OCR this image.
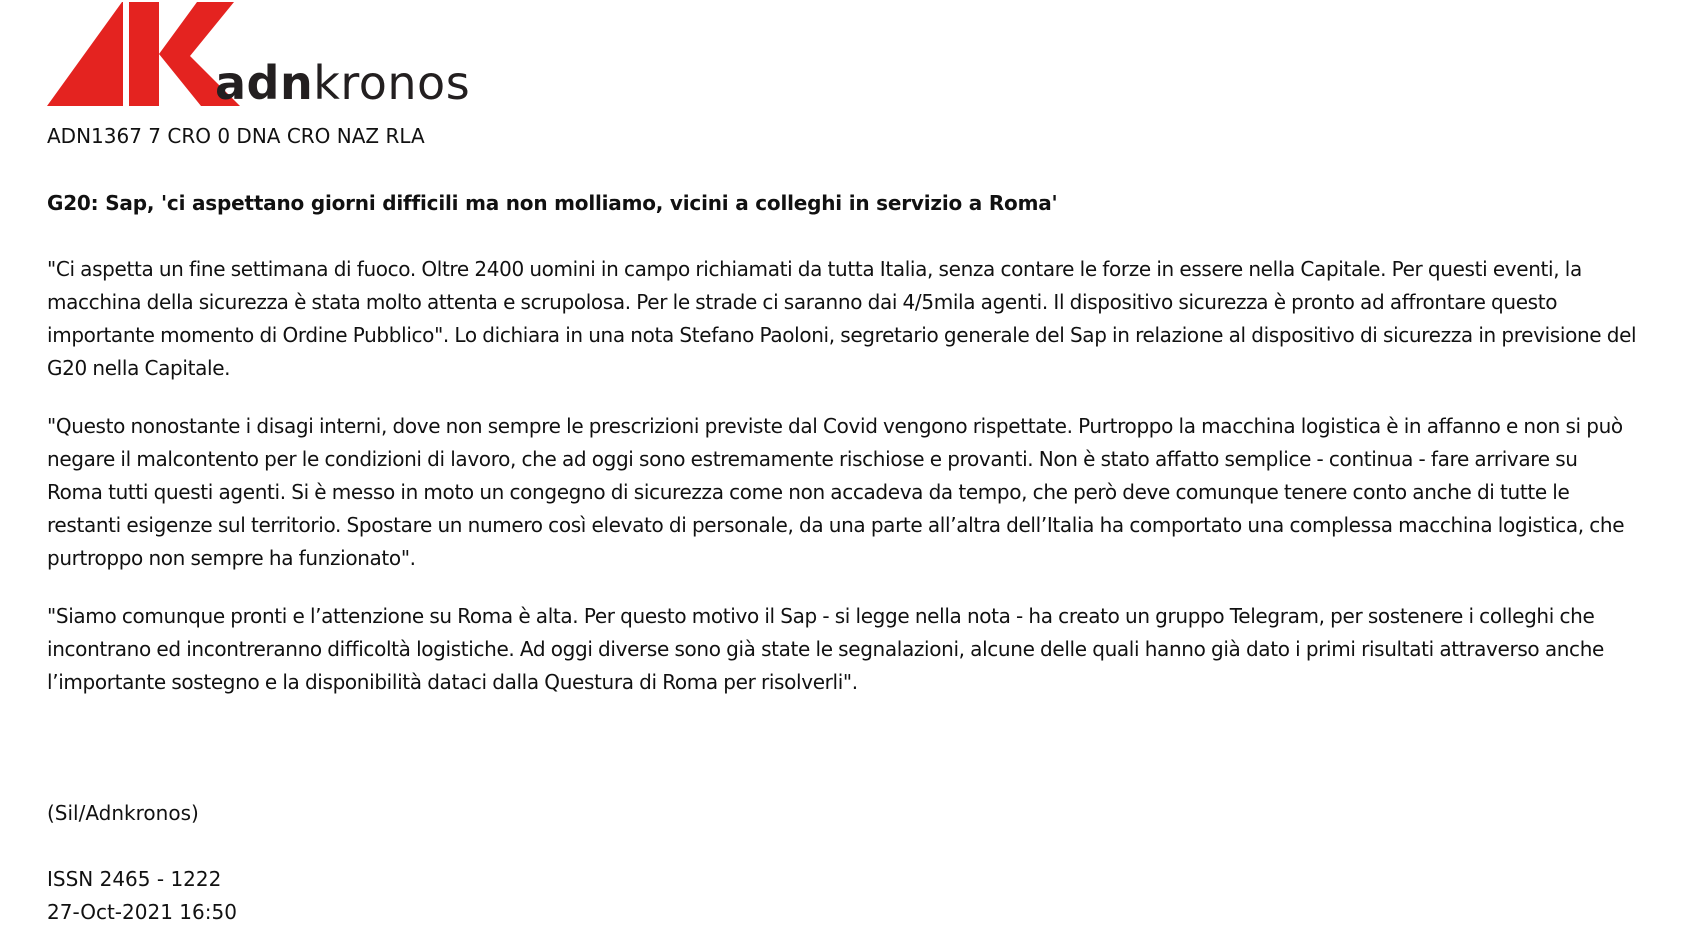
adnkronos
ADN1367 7 CRO 0 DNA CRO NAZ RLA
G20: Sap, 'ci aspettano giorni difficili ma non molliamo, vicini a colleghi in servizio a Roma'
"Ci aspetta un fine settimana di fuoco. Oltre 2400 uomini in campo richiamati da tutta Italia, senza contare le forze in essere nella Capitale. Per questi eventi, la macchina della sicurezza è stata molto attenta e scrupolosa. Per le strade ci saranno dai 4/5mila agenti. Il dispositivo sicurezza è pronto ad affrontare questo importante momento di Ordine Pubblico". Lo dichiara in una nota Stefano Paoloni, segretario generale del Sap in relazione al dispositivo di sicurezza in previsione del G20 nella Capitale.
"Questo nonostante i disagi interni, dove non sempre le prescrizioni previste dal Covid vengono rispettate. Purtroppo la macchina logistica è in affanno e non si può negare il malcontento per le condizioni di lavoro, che ad oggi sono estremamente rischiose e provanti. Non è stato affatto semplice - continua - fare arrivare su Roma tutti questi agenti. Si è messo in moto un congegno di sicurezza come non accadeva da tempo, che però deve comunque tenere conto anche di tutte le restanti esigenze sul territorio. Spostare un numero così elevato di personale, da una parte all’altra dell’Italia ha comportato una complessa macchina logistica, che purtroppo non sempre ha funzionato".
"Siamo comunque pronti e l’attenzione su Roma è alta. Per questo motivo il Sap - si legge nella nota - ha creato un gruppo Telegram, per sostenere i colleghi che incontrano ed incontreranno difficoltà logistiche. Ad oggi diverse sono già state le segnalazioni, alcune delle quali hanno già dato i primi risultati attraverso anche l’importante sostegno e la disponibilità dataci dalla Questura di Roma per risolverli".
(Sil/Adnkronos)
ISSN 2465 - 1222
27-Oct-2021 16:50
